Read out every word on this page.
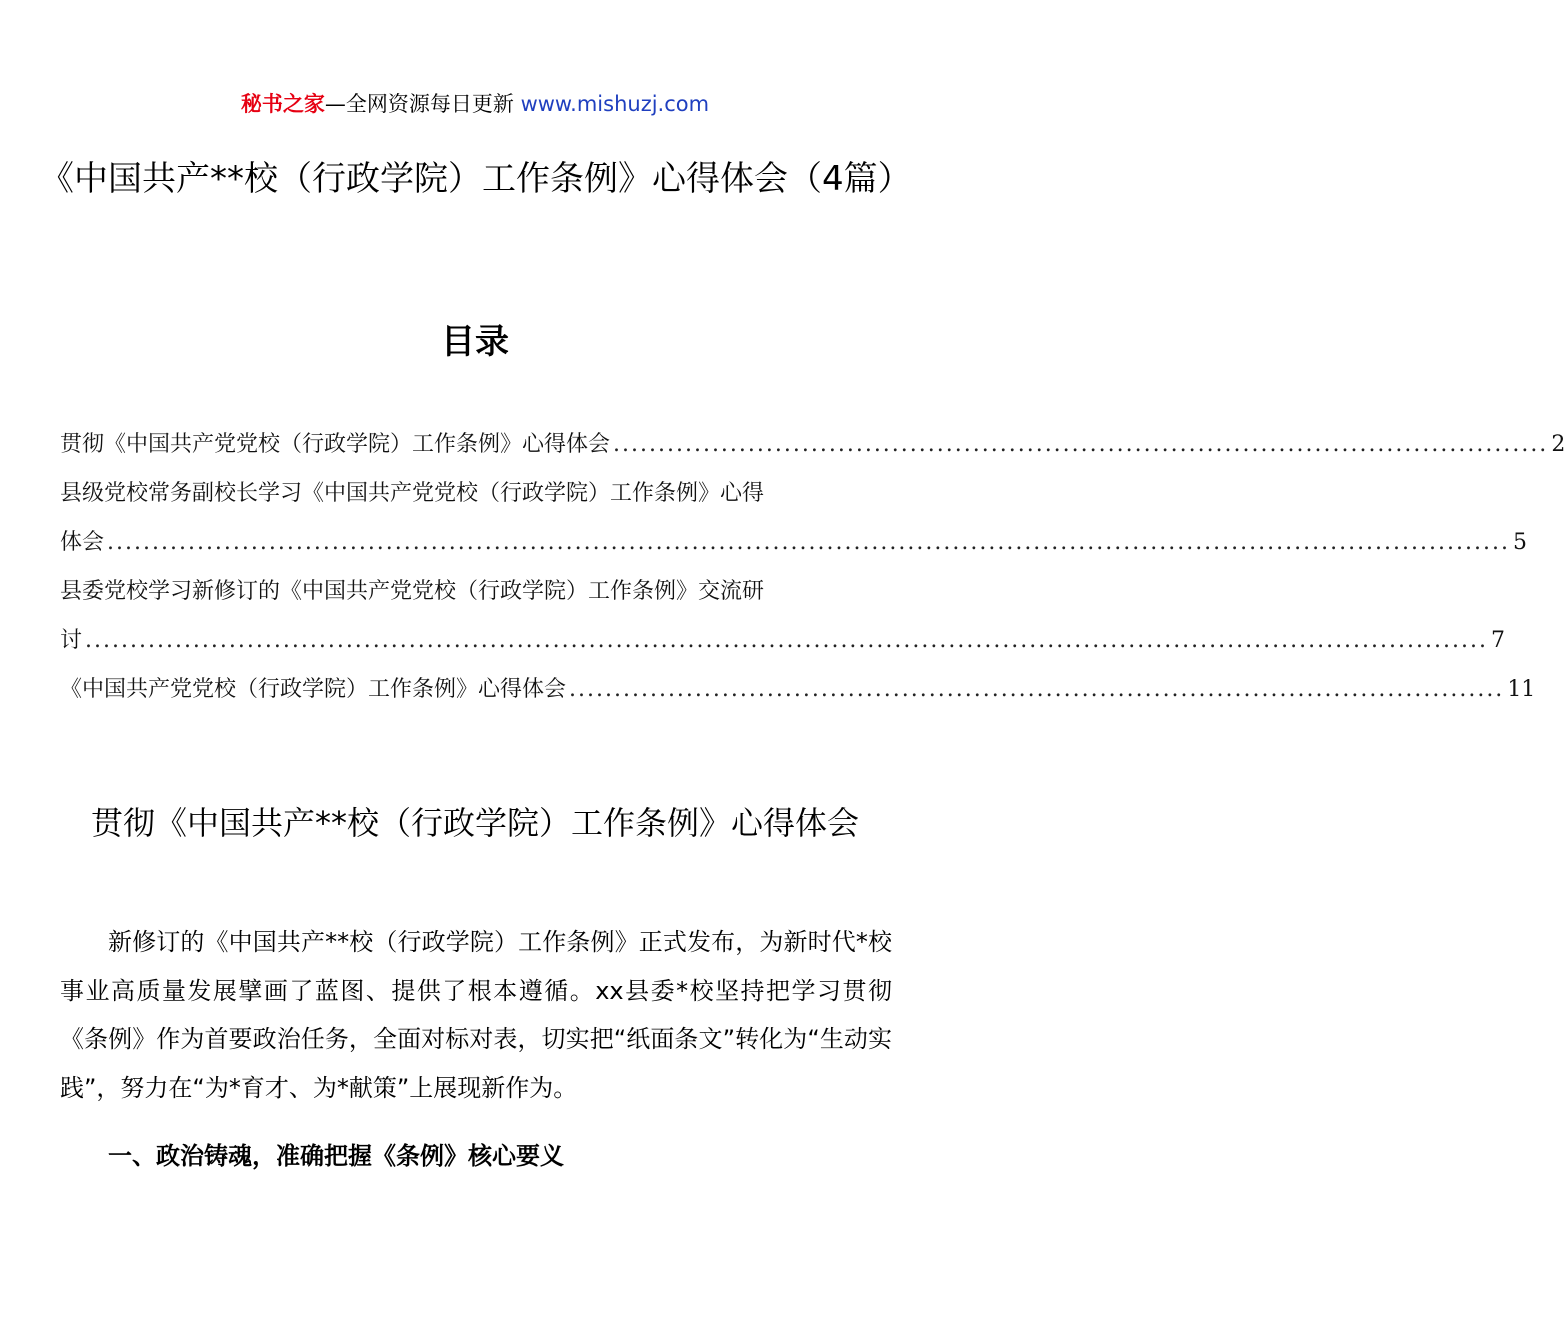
秘书之家—全网资源每日更新 www.mishuzj.com
《中国共产**校（行政学院）工作条例》心得体会（4篇）
目录
贯彻《中国共产党党校（行政学院）工作条例》心得体会 ........................................................................................................ 2
县级党校常务副校长学习《中国共产党党校（行政学院）工作条例》心得
体会 ............................................................................................................................................................ 5
县委党校学习新修订的《中国共产党党校（行政学院）工作条例》交流研
讨 ............................................................................................................................................................ 7
《中国共产党党校（行政学院）工作条例》心得体会 ........................................................................................................ 11
贯彻《中国共产**校（行政学院）工作条例》心得体会
新修订的《中国共产**校（行政学院）工作条例》正式发布，为新时代*校事业高质量发展擘画了蓝图、提供了根本遵循。xx县委*校坚持把学习贯彻《条例》作为首要政治任务，全面对标对表，切实把“纸面条文”转化为“生动实践”，努力在“为*育才、为*献策”上展现新作为。
一、政治铸魂，准确把握《条例》核心要义
